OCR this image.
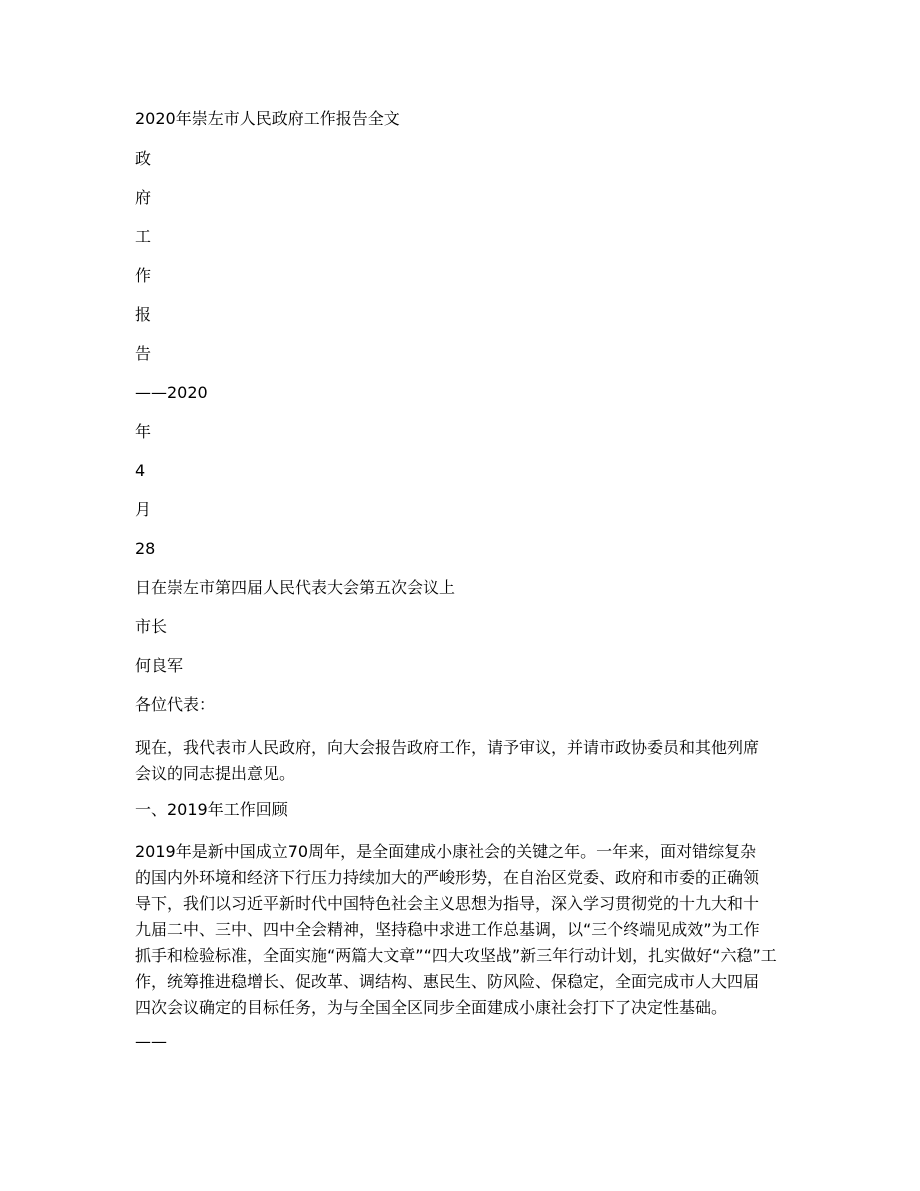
2020年崇左市人民政府工作报告全文
政
府
工
作
报
告
——2020
年
4
月
28
日在崇左市第四届人民代表大会第五次会议上
市长
何良军
各位代表：
现在，我代表市人民政府，向大会报告政府工作，请予审议，并请市政协委员和其他列席
会议的同志提出意见。
一、2019年工作回顾
2019年是新中国成立70周年，是全面建成小康社会的关键之年。一年来，面对错综复杂
的国内外环境和经济下行压力持续加大的严峻形势，在自治区党委、政府和市委的正确领
导下，我们以习近平新时代中国特色社会主义思想为指导，深入学习贯彻党的十九大和十
九届二中、三中、四中全会精神，坚持稳中求进工作总基调，以“三个终端见成效”为工作
抓手和检验标准，全面实施“两篇大文章”“四大攻坚战”新三年行动计划，扎实做好“六稳”工
作，统筹推进稳增长、促改革、调结构、惠民生、防风险、保稳定，全面完成市人大四届
四次会议确定的目标任务，为与全国全区同步全面建成小康社会打下了决定性基础。
——
